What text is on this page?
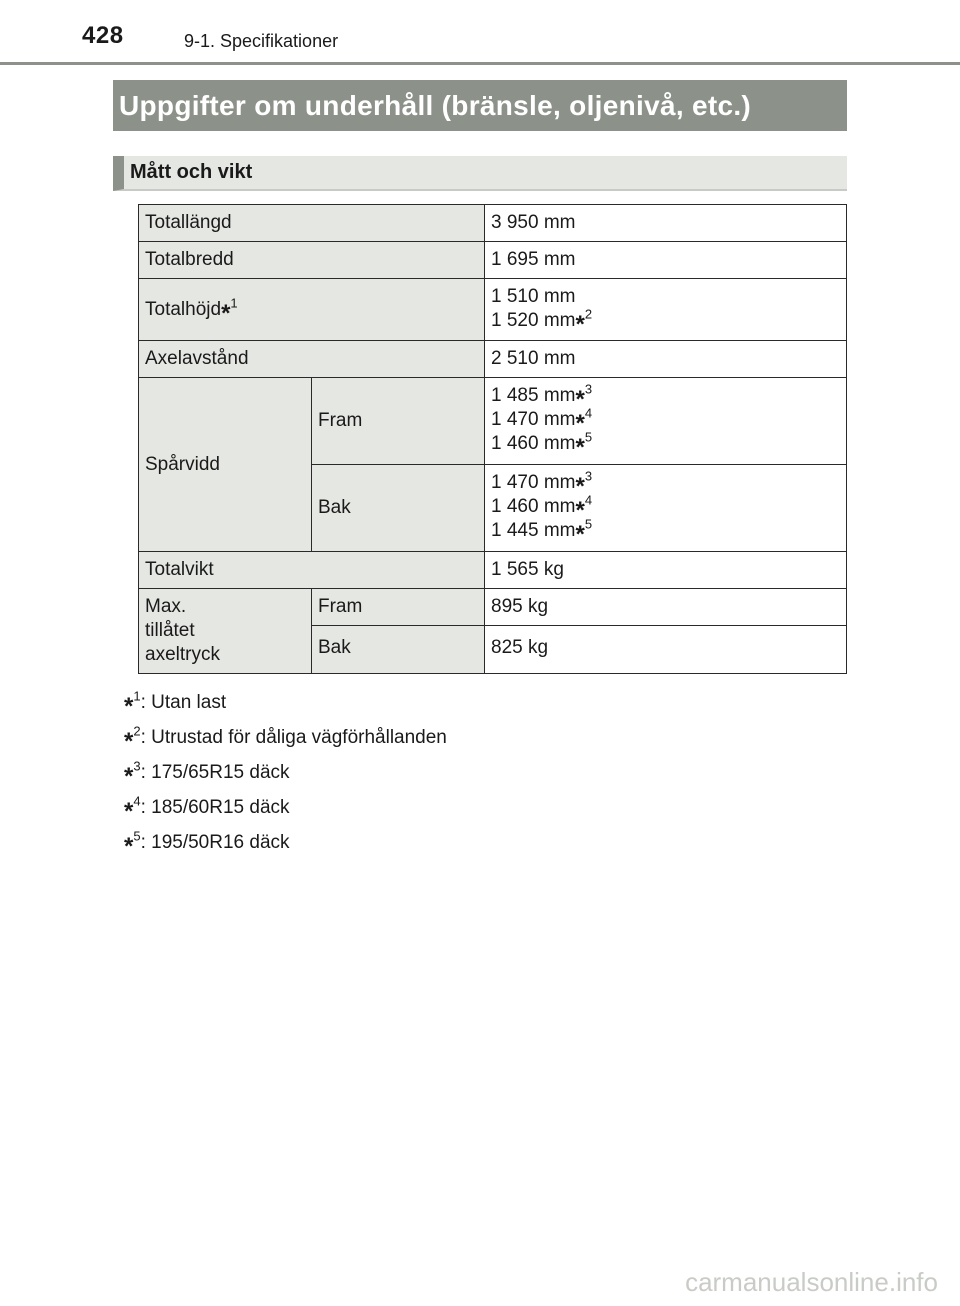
428	9-1. Specifikationer
Uppgifter om underhåll (bränsle, oljenivå, etc.)
Mått och vikt
Totallängd		3 950 mm
Totalbredd		1 695 mm
Totalhöjd*$^1$		1 510 mm
1 520 mm*$^2$

Axelavstånd		2 510 mm
Spårvidd	Fram	1 485 mm*$^3$
1 470 mm*$^4$
1 460 mm*$^5$

	Bak	1 470 mm*$^3$
1 460 mm*$^4$
1 445 mm*$^5$

Totalvikt		1 565 kg

Max.
tillåtet
axeltryck	Fram	895 kg
	Bak	825 kg
*$^1$: Utan last
*$^2$: Utrustad för dåliga vägförhållanden
*$^3$: 175/65R15 däck
*$^4$: 185/60R15 däck
*$^5$: 195/50R16 däck
carmanualsonline.info
